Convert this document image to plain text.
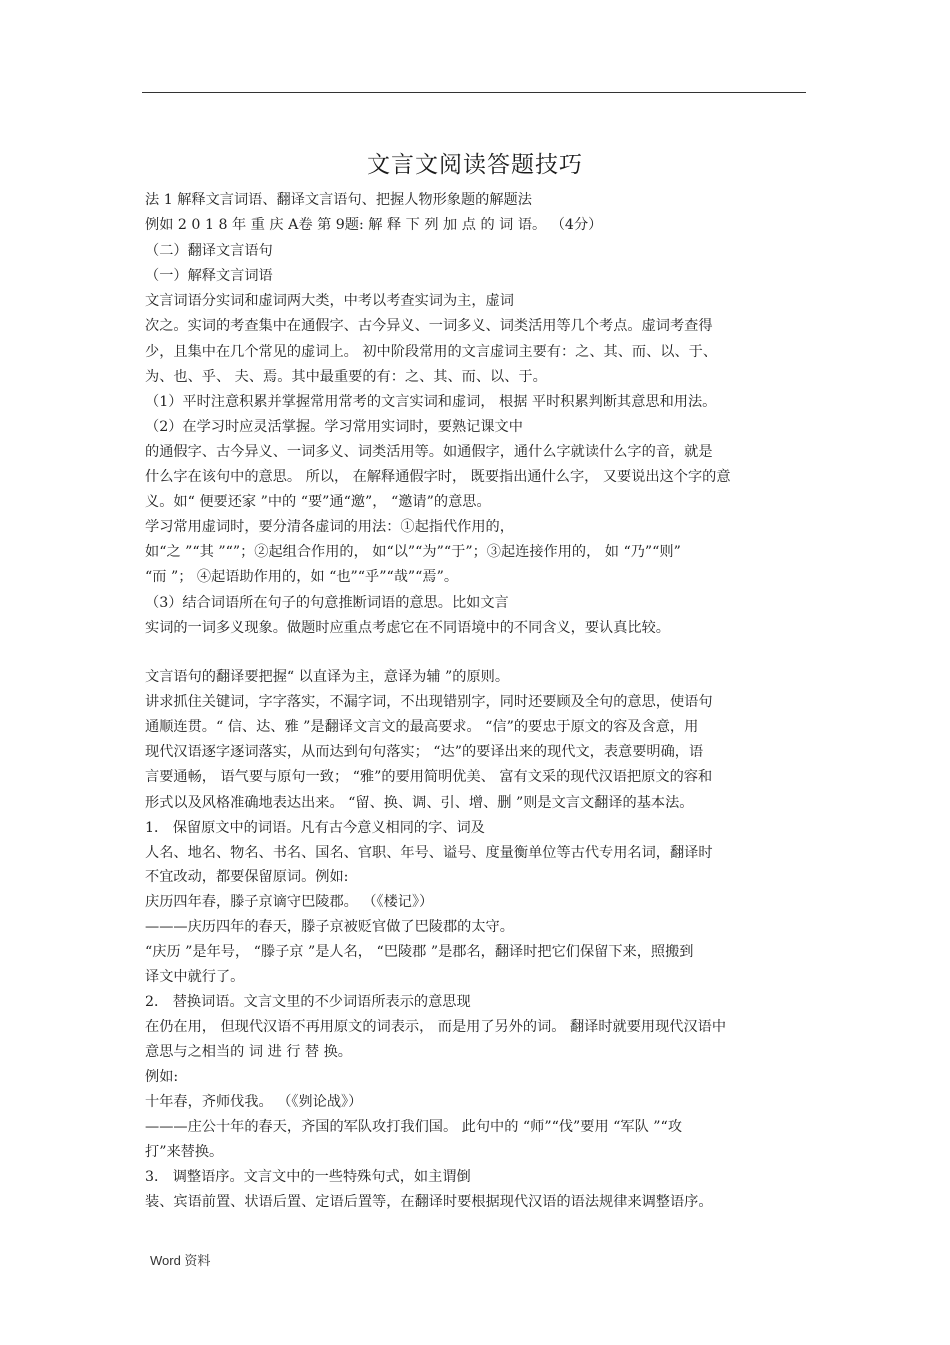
文言文阅读答题技巧
法 1 解释文言词语、翻译文言语句、把握人物形象题的解题法
例如 2 0 1 8 年 重 庆 A卷 第 9题: 解 释 下 列 加 点 的 词 语。 （4分）
（二）翻译文言语句
（一）解释文言词语
文言词语分实词和虚词两大类，中考以考查实词为主，虚词
次之。实词的考查集中在通假字、古今异义、一词多义、词类活用等几个考点。虚词考查得
少，且集中在几个常见的虚词上。 初中阶段常用的文言虚词主要有：之、其、而、以、于、
为、也、乎、 夫、焉。其中最重要的有：之、其、而、以、于。
（1）平时注意积累并掌握常用常考的文言实词和虚词， 根据 平时积累判断其意思和用法。
（2）在学习时应灵活掌握。学习常用实词时，要熟记课文中
的通假字、古今异义、一词多义、词类活用等。如通假字，通什么字就读什么字的音，就是
什么字在该句中的意思。 所以， 在解释通假字时， 既要指出通什么字， 又要说出这个字的意
义。如“ 便要还家 ”中的 “要”通“邀”， “邀请”的意思。
学习常用虚词时，要分清各虚词的用法：①起指代作用的，
如“之 ”“其 ”“”；②起组合作用的， 如“以”“为”“于”；③起连接作用的， 如 “乃”“则”
“而 ”； ④起语助作用的，如 “也”“乎”“哉”“焉”。
（3）结合词语所在句子的句意推断词语的意思。比如文言
实词的一词多义现象。做题时应重点考虑它在不同语境中的不同含义，要认真比较。
文言语句的翻译要把握“ 以直译为主，意译为辅 ”的原则。
讲求抓住关键词，字字落实，不漏字词，不出现错别字，同时还要顾及全句的意思，使语句
通顺连贯。“ 信、达、雅 ”是翻译文言文的最高要求。 “信”的要忠于原文的容及含意，用
现代汉语逐字逐词落实，从而达到句句落实； “达”的要译出来的现代文，表意要明确，语
言要通畅， 语气要与原句一致； “雅”的要用简明优美、 富有文采的现代汉语把原文的容和
形式以及风格准确地表达出来。 “留、换、调、引、增、删 ”则是文言文翻译的基本法。
1． 保留原文中的词语。凡有古今意义相同的字、词及
人名、地名、物名、书名、国名、官职、年号、谥号、度量衡单位等古代专用名词，翻译时
不宜改动，都要保留原词。例如:
庆历四年春，滕子京谪守巴陵郡。 （《楼记》）
———庆历四年的春天，滕子京被贬官做了巴陵郡的太守。
“庆历 ”是年号， “滕子京 ”是人名， “巴陵郡 ”是郡名，翻译时把它们保留下来，照搬到
译文中就行了。
2． 替换词语。文言文里的不少词语所表示的意思现
在仍在用， 但现代汉语不再用原文的词表示， 而是用了另外的词。 翻译时就要用现代汉语中
意思与之相当的 词 进 行 替 换。
例如:
十年春，齐师伐我。 （《刿论战》）
———庄公十年的春天，齐国的军队攻打我们国。 此句中的 “师”“伐”要用 “军队 ”“攻
打”来替换。
3． 调整语序。文言文中的一些特殊句式，如主谓倒
装、宾语前置、状语后置、定语后置等，在翻译时要根据现代汉语的语法规律来调整语序。
Word 资料
